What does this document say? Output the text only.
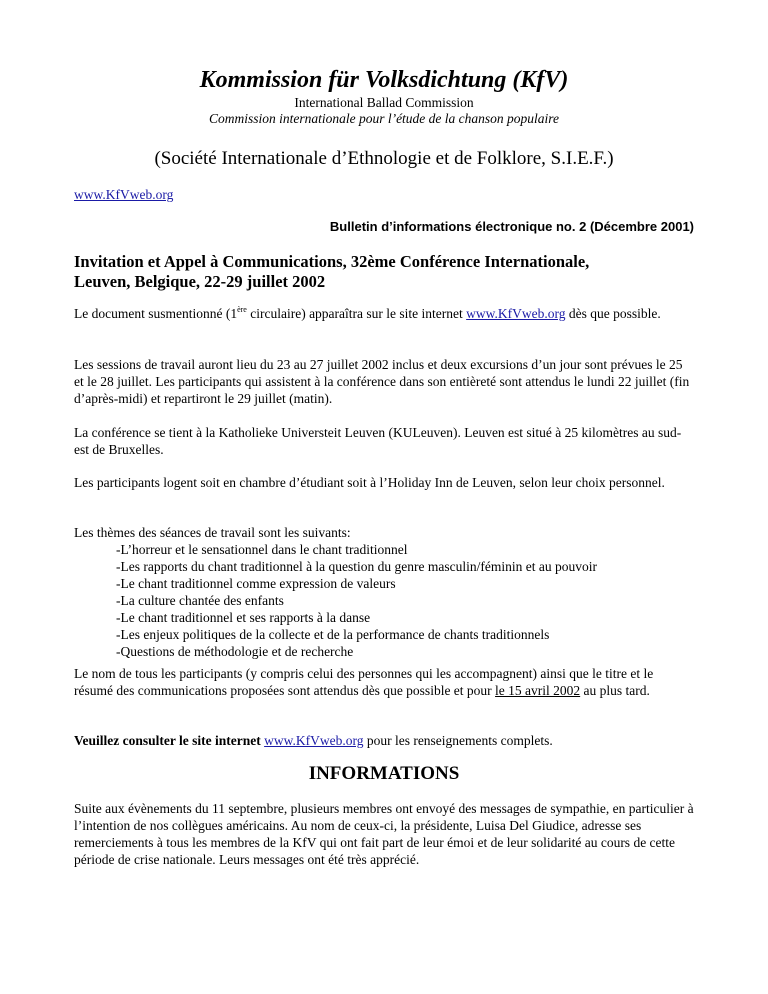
Kommission für Volksdichtung (KfV)
International Ballad Commission
Commission internationale pour l’étude de la chanson populaire
(Société Internationale d’Ethnologie et de Folklore, S.I.E.F.)
www.KfVweb.org
Bulletin d’informations électronique no. 2 (Décembre 2001)
Invitation et Appel à Communications, 32ème Conférence Internationale,
Leuven, Belgique, 22-29 juillet 2002
Le document susmentionné (1ère circulaire) apparaîtra sur le site internet www.KfVweb.org dès que possible.
Les sessions de travail auront lieu du 23 au 27 juillet 2002 inclus et deux excursions d’un jour sont prévues le 25 et le 28 juillet. Les participants qui assistent à la conférence dans son entièreté sont attendus le lundi 22 juillet (fin d’après-midi) et repartiront le 29 juillet (matin).
La conférence se tient à la Katholieke Universteit Leuven (KULeuven). Leuven est situé à 25 kilomètres au sud-est de Bruxelles.
Les participants logent soit en chambre d’étudiant soit à l’Holiday Inn de Leuven, selon leur choix personnel.
Les thèmes des séances de travail sont les suivants:
-L’horreur et le sensationnel dans le chant traditionnel
-Les rapports du chant traditionnel à la question du genre masculin/féminin et au pouvoir
-Le chant traditionnel comme expression de valeurs
-La culture chantée des enfants
-Le chant traditionnel et ses rapports à la danse
-Les enjeux politiques de la collecte et de la performance de chants traditionnels
-Questions de méthodologie et de recherche
Le nom de tous les participants (y compris celui des personnes qui les accompagnent) ainsi que le titre et le résumé des communications proposées sont attendus dès que possible et pour le 15 avril 2002 au plus tard.
Veuillez consulter le site internet www.KfVweb.org pour les renseignements complets.
INFORMATIONS
Suite aux évènements du 11 septembre, plusieurs membres ont envoyé des messages de sympathie, en particulier à l’intention de nos collègues américains. Au nom de ceux-ci, la présidente, Luisa Del Giudice, adresse ses remerciements à tous les membres de la KfV qui ont fait part de leur émoi et de leur solidarité au cours de cette période de crise nationale. Leurs messages ont été très apprécié.
